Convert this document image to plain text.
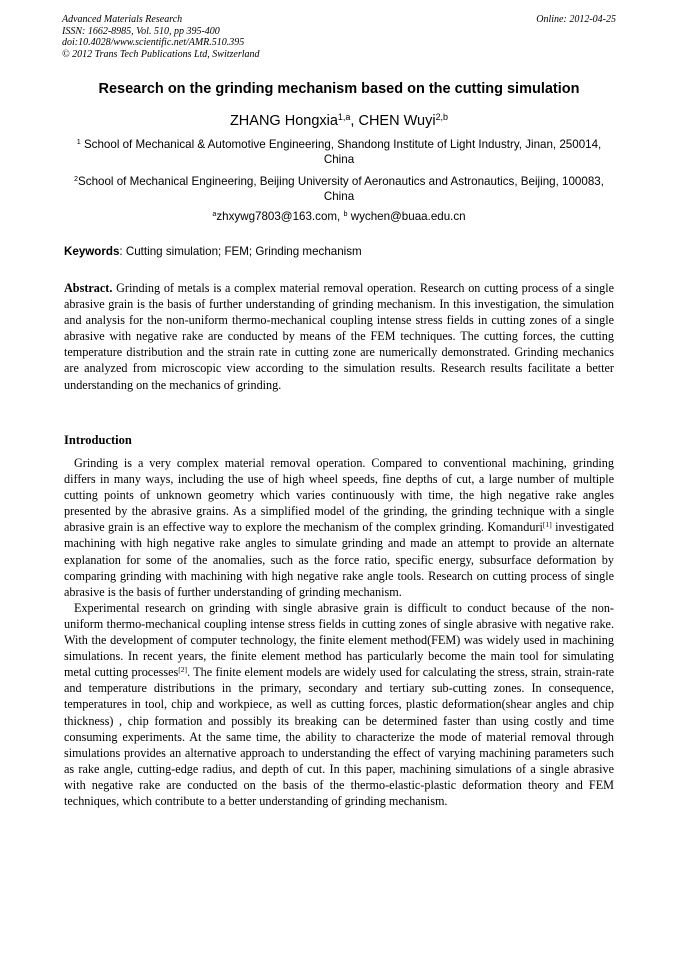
Advanced Materials Research
ISSN: 1662-8985, Vol. 510, pp 395-400
doi:10.4028/www.scientific.net/AMR.510.395
© 2012 Trans Tech Publications Ltd, Switzerland
Online: 2012-04-25
Research on the grinding mechanism based on the cutting simulation
ZHANG Hongxia$^{1,a}$, CHEN Wuyi$^{2,b}$
$^1$ School of Mechanical & Automotive Engineering, Shandong Institute of Light Industry, Jinan, 250014, China
$^2$School of Mechanical Engineering, Beijing University of Aeronautics and Astronautics, Beijing, 100083, China
$^a$zhxywg7803@163.com, $^b$ wychen@buaa.edu.cn
Keywords: Cutting simulation; FEM; Grinding mechanism
Abstract. Grinding of metals is a complex material removal operation. Research on cutting process of a single abrasive grain is the basis of further understanding of grinding mechanism. In this investigation, the simulation and analysis for the non-uniform thermo-mechanical coupling intense stress fields in cutting zones of a single abrasive with negative rake are conducted by means of the FEM techniques. The cutting forces, the cutting temperature distribution and the strain rate in cutting zone are numerically demonstrated. Grinding mechanics are analyzed from microscopic view according to the simulation results. Research results facilitate a better understanding on the mechanics of grinding.
Introduction

Grinding is a very complex material removal operation. Compared to conventional machining, grinding differs in many ways, including the use of high wheel speeds, fine depths of cut, a large number of multiple cutting points of unknown geometry which varies continuously with time, the high negative rake angles presented by the abrasive grains. As a simplified model of the grinding, the grinding technique with a single abrasive grain is an effective way to explore the mechanism of the complex grinding. Komanduri[1] investigated machining with high negative rake angles to simulate grinding and made an attempt to provide an alternate explanation for some of the anomalies, such as the force ratio, specific energy, subsurface deformation by comparing grinding with machining with high negative rake angle tools. Research on cutting process of single abrasive is the basis of further understanding of grinding mechanism.

Experimental research on grinding with single abrasive grain is difficult to conduct because of the non-uniform thermo-mechanical coupling intense stress fields in cutting zones of single abrasive with negative rake. With the development of computer technology, the finite element method(FEM) was widely used in machining simulations. In recent years, the finite element method has particularly become the main tool for simulating metal cutting processes[2]. The finite element models are widely used for calculating the stress, strain, strain-rate and temperature distributions in the primary, secondary and tertiary sub-cutting zones. In consequence, temperatures in tool, chip and workpiece, as well as cutting forces, plastic deformation(shear angles and chip thickness) , chip formation and possibly its breaking can be determined faster than using costly and time consuming experiments. At the same time, the ability to characterize the mode of material removal through simulations provides an alternative approach to understanding the effect of varying machining parameters such as rake angle, cutting-edge radius, and depth of cut. In this paper, machining simulations of a single abrasive with negative rake are conducted on the basis of the thermo-elastic-plastic deformation theory and FEM techniques, which contribute to a better understanding of grinding mechanism.
